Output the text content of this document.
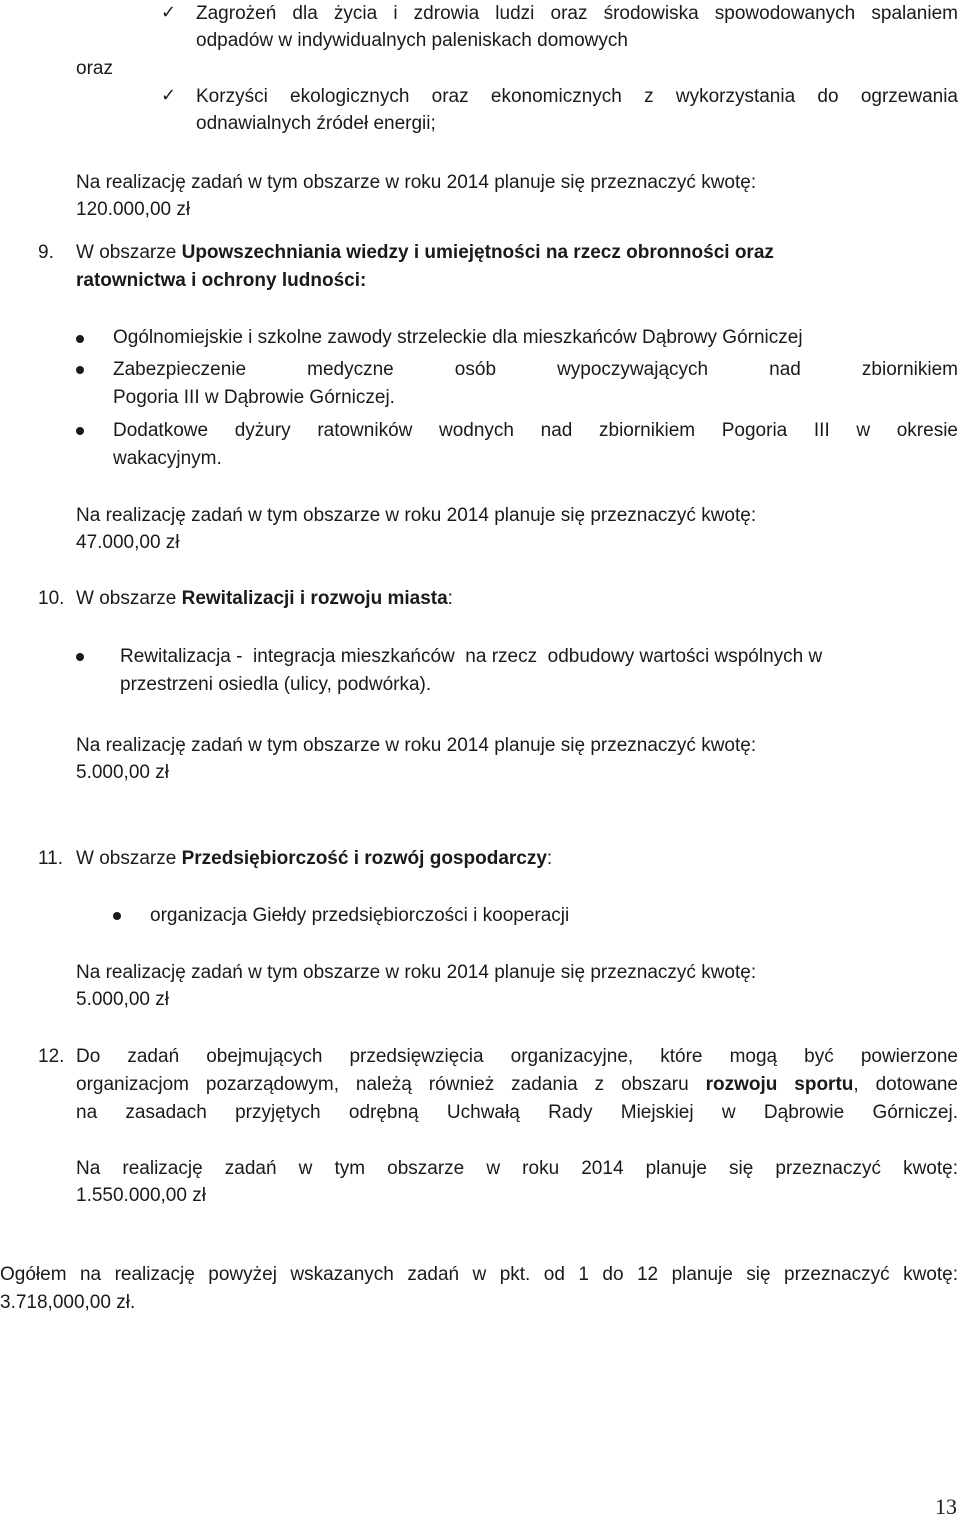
✓ Zagrożeń dla życia i zdrowia ludzi oraz środowiska spowodowanych spalaniem
odpadów w indywidualnych paleniskach domowych
oraz
✓ Korzyści ekologicznych oraz ekonomicznych z wykorzystania do ogrzewania
odnawialnych źródeł energii;
Na realizację zadań w tym obszarze w roku 2014 planuje się przeznaczyć kwotę:
120.000,00 zł
9. W obszarze Upowszechniania wiedzy i umiejętności na rzecz obronności oraz
ratownictwa i ochrony ludności:
Ogólnomiejskie i szkolne zawody strzeleckie dla mieszkańców Dąbrowy Górniczej
Zabezpieczenie medyczne osób wypoczywających nad zbiornikiem
Pogoria III w Dąbrowie Górniczej.
Dodatkowe dyżury ratowników wodnych nad zbiornikiem Pogoria III w okresie
wakacyjnym.
Na realizację zadań w tym obszarze w roku 2014 planuje się przeznaczyć kwotę:
47.000,00 zł
10. W obszarze Rewitalizacji i rozwoju miasta:
Rewitalizacja -  integracja mieszkańców  na rzecz  odbudowy wartości wspólnych w
przestrzeni osiedla (ulicy, podwórka).
Na realizację zadań w tym obszarze w roku 2014 planuje się przeznaczyć kwotę:
5.000,00 zł
11. W obszarze Przedsiębiorczość i rozwój gospodarczy:
organizacja Giełdy przedsiębiorczości i kooperacji
Na realizację zadań w tym obszarze w roku 2014 planuje się przeznaczyć kwotę:
5.000,00 zł
12. Do zadań obejmujących przedsięwzięcia organizacyjne, które mogą być powierzone
organizacjom pozarządowym, należą również zadania z obszaru rozwoju sportu, dotowane
na zasadach przyjętych odrębną Uchwałą Rady Miejskiej w Dąbrowie Górniczej.
Na realizację zadań w tym obszarze w roku 2014 planuje się przeznaczyć kwotę:
1.550.000,00 zł
Ogółem na realizację powyżej wskazanych zadań w pkt. od 1 do 12 planuje się przeznaczyć kwotę:
3.718,000,00 zł.
13
